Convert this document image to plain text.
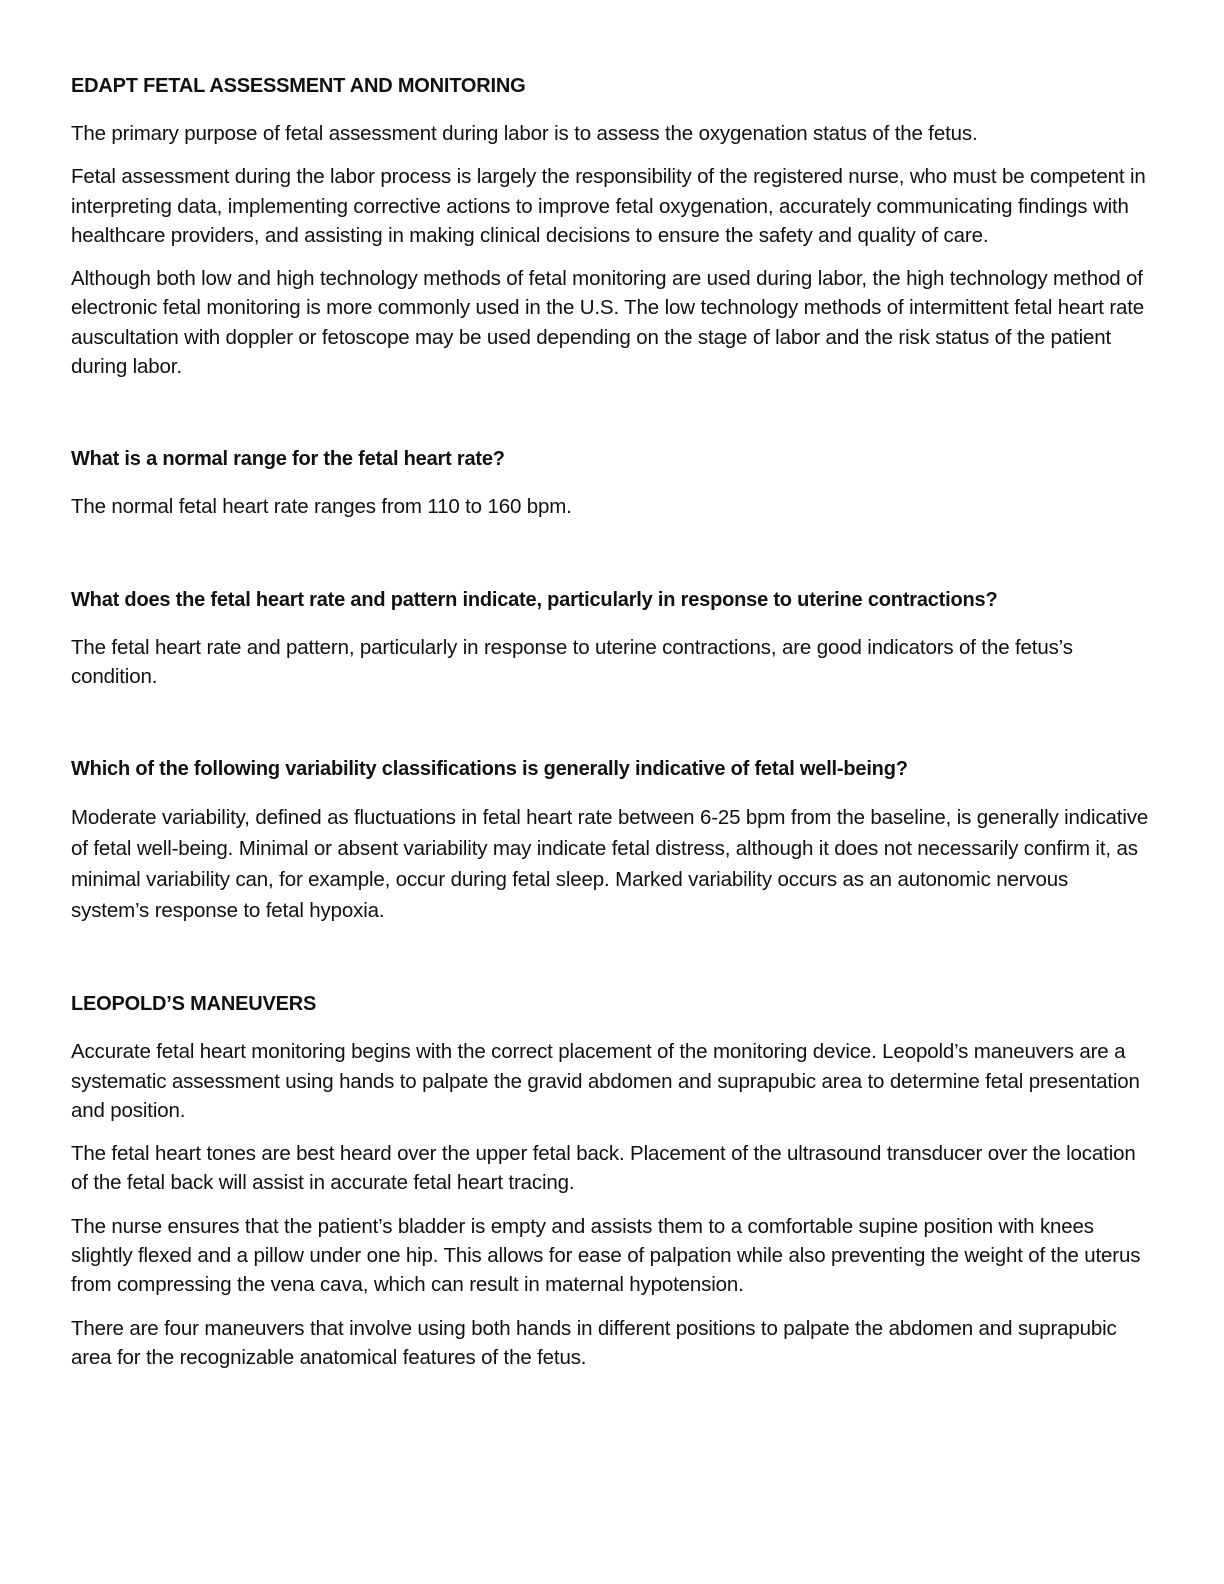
EDAPT FETAL ASSESSMENT AND MONITORING

The primary purpose of fetal assessment during labor is to assess the oxygenation status of the fetus.

Fetal assessment during the labor process is largely the responsibility of the registered nurse, who must be competent in interpreting data, implementing corrective actions to improve fetal oxygenation, accurately communicating findings with healthcare providers, and assisting in making clinical decisions to ensure the safety and quality of care.

Although both low and high technology methods of fetal monitoring are used during labor, the high technology method of electronic fetal monitoring is more commonly used in the U.S. The low technology methods of intermittent fetal heart rate auscultation with doppler or fetoscope may be used depending on the stage of labor and the risk status of the patient during labor.

What is a normal range for the fetal heart rate?

The normal fetal heart rate ranges from 110 to 160 bpm.

What does the fetal heart rate and pattern indicate, particularly in response to uterine contractions?

The fetal heart rate and pattern, particularly in response to uterine contractions, are good indicators of the fetus’s condition.

Which of the following variability classifications is generally indicative of fetal well-being?

Moderate variability, defined as fluctuations in fetal heart rate between 6-25 bpm from the baseline, is generally indicative of fetal well-being. Minimal or absent variability may indicate fetal distress, although it does not necessarily confirm it, as minimal variability can, for example, occur during fetal sleep. Marked variability occurs as an autonomic nervous system’s response to fetal hypoxia.

LEOPOLD’S MANEUVERS

Accurate fetal heart monitoring begins with the correct placement of the monitoring device. Leopold’s maneuvers are a systematic assessment using hands to palpate the gravid abdomen and suprapubic area to determine fetal presentation and position.

The fetal heart tones are best heard over the upper fetal back. Placement of the ultrasound transducer over the location of the fetal back will assist in accurate fetal heart tracing.

The nurse ensures that the patient’s bladder is empty and assists them to a comfortable supine position with knees slightly flexed and a pillow under one hip. This allows for ease of palpation while also preventing the weight of the uterus from compressing the vena cava, which can result in maternal hypotension.

There are four maneuvers that involve using both hands in different positions to palpate the abdomen and suprapubic area for the recognizable anatomical features of the fetus.
